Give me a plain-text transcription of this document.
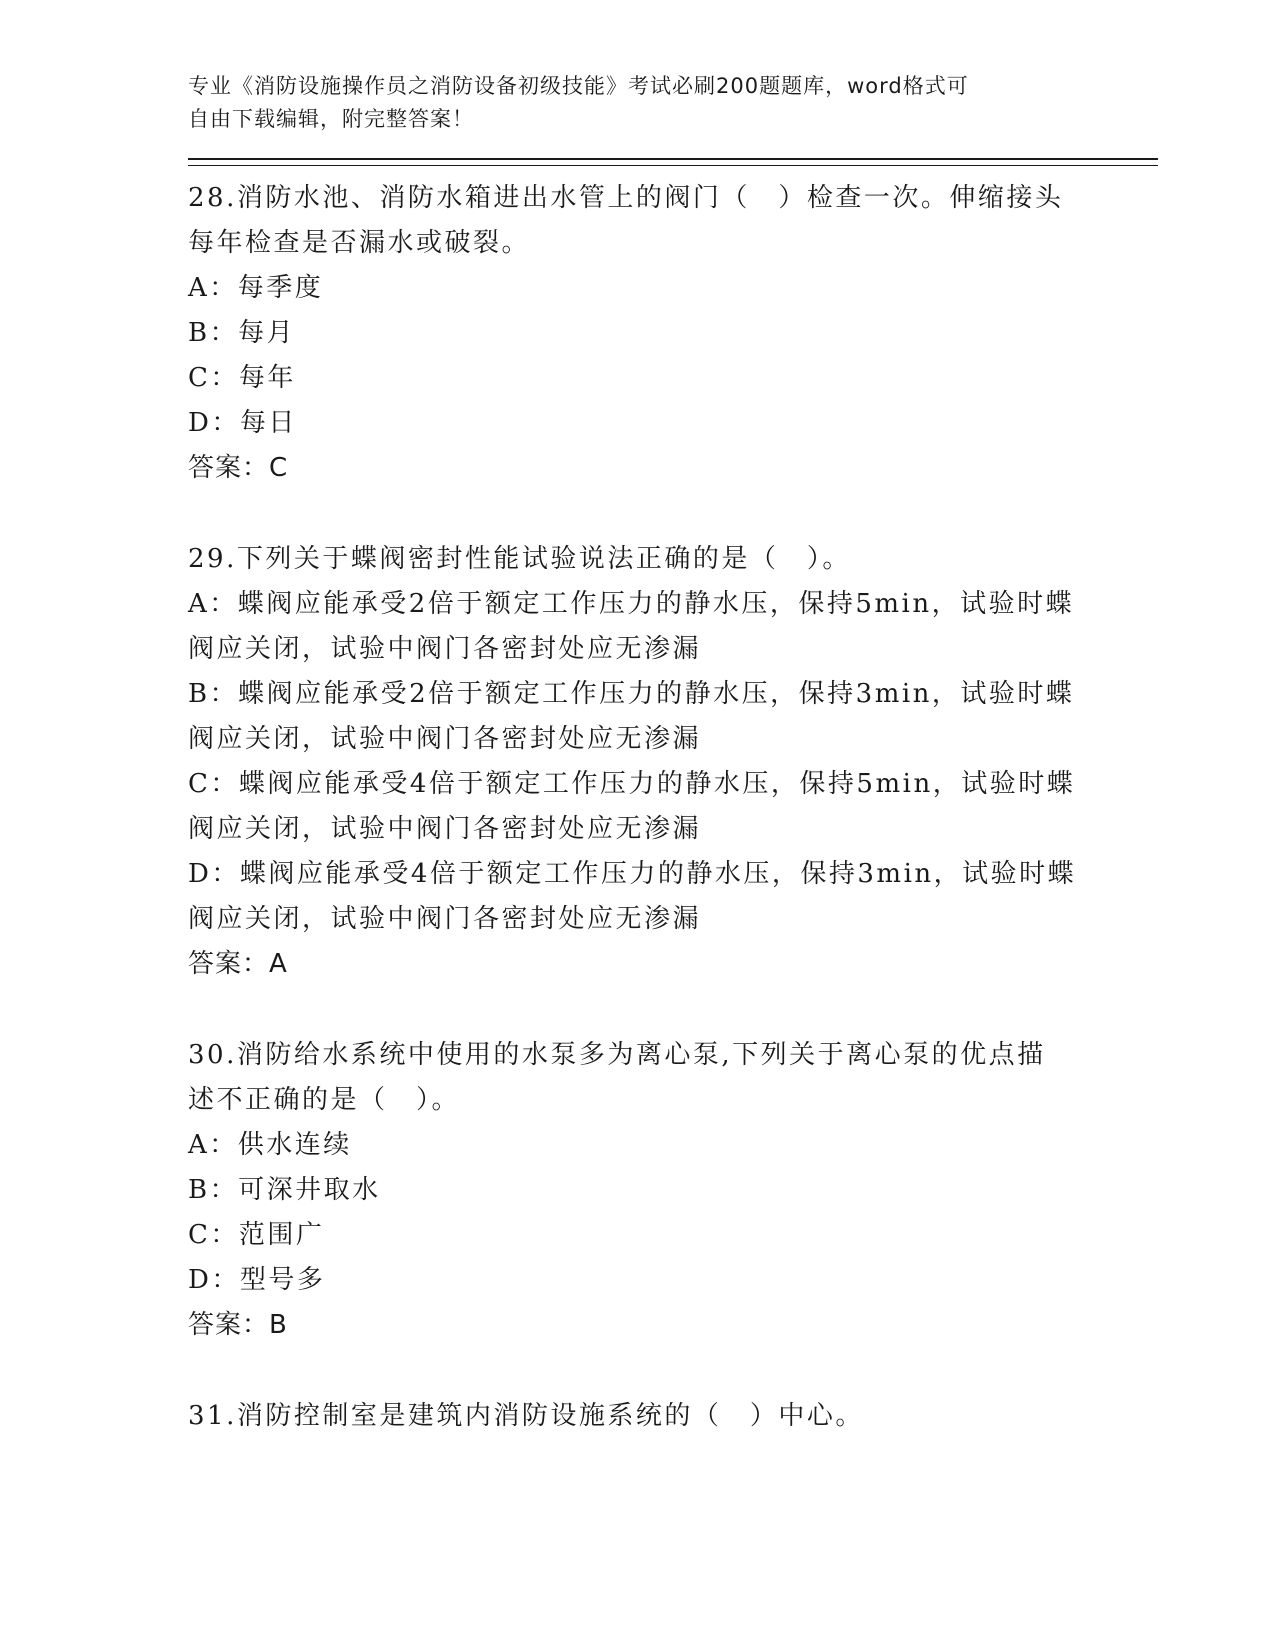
专业《消防设施操作员之消防设备初级技能》考试必刷200题题库，word格式可
自由下载编辑，附完整答案！
28.消防水池、消防水箱进出水管上的阀门（　）检查一次。伸缩接头
每年检查是否漏水或破裂。
A：每季度
B：每月
C：每年
D：每日
答案：C
29.下列关于蝶阀密封性能试验说法正确的是（　）。
A：蝶阀应能承受2倍于额定工作压力的静水压，保持5min，试验时蝶
阀应关闭，试验中阀门各密封处应无渗漏
B：蝶阀应能承受2倍于额定工作压力的静水压，保持3min，试验时蝶
阀应关闭，试验中阀门各密封处应无渗漏
C：蝶阀应能承受4倍于额定工作压力的静水压，保持5min，试验时蝶
阀应关闭，试验中阀门各密封处应无渗漏
D：蝶阀应能承受4倍于额定工作压力的静水压，保持3min，试验时蝶
阀应关闭，试验中阀门各密封处应无渗漏
答案：A
30.消防给水系统中使用的水泵多为离心泵,下列关于离心泵的优点描
述不正确的是（　）。
A：供水连续
B：可深井取水
C：范围广
D：型号多
答案：B
31.消防控制室是建筑内消防设施系统的（　）中心。
